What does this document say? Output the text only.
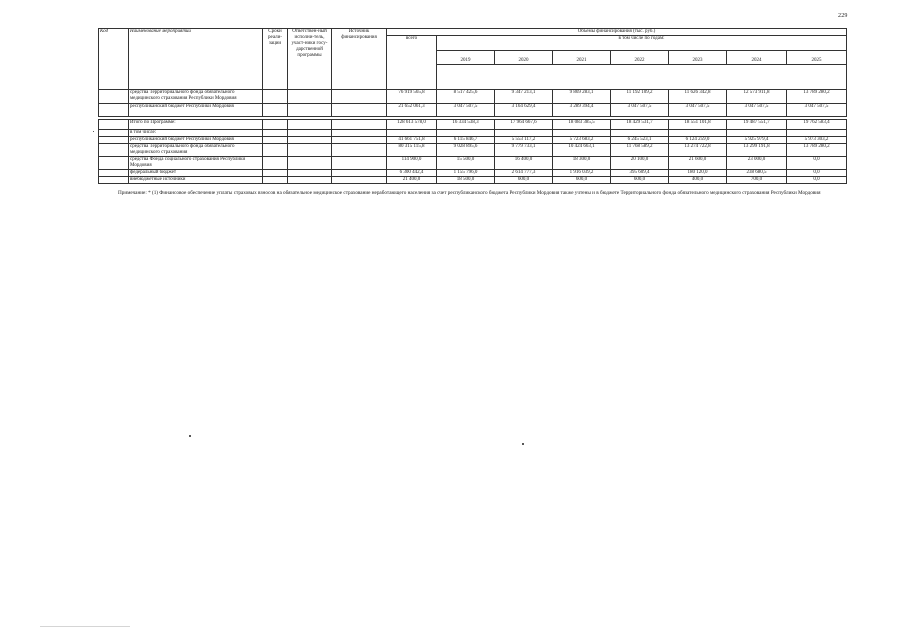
229
Код	Наименование мероприятий	Сроки реали-зации	Ответствен-ный исполни-тель, участ-ники госу-дарственной программы	Источник финансирования	Объемы финансирования (тыс. руб.)							
					всего	в том числе по годам:						
						2019	2020	2021	2022	2023	2024	2025

	средства Территориального фонда обязательного медицинского страхования Республики Мордовия				76 919 565,8	8 517 425,6	9 347 213,1	9 869 283,1	11 192 109,2	11 626 342,8	12 573 911,8	13 789 280,2
	республиканский бюджет Республики Мордовия				21 652 061,3	3 047 507,5	3 164 629,4	3 289 394,4	3 047 507,5	3 047 507,5	3 047 507,5	3 047 507,5

	Итого по Программе:				128 613 578,0	16 334 538,3	17 964 667,6	18 083 385,5	18 429 531,7	18 551 101,8	19 487 551,7	19 762 583,4
	в том числе:											
	республиканский бюджет Республики Мордовия				41 661 751,8	6 115 846,7	5 553 117,2	5 723 683,2	6 245 523,1	6 124 259,0	5 925 979,4	5 973 303,2
	средства Территориального фонда обязательного медицинского страхования				80 315 115,8	9 028 895,6	9 779 733,1	10 424 663,1	11 768 589,2	13 274 722,8	13 299 191,8	13 789 280,2
	средства Фонда социального страхования Республики Мордовия				114 900,0	15 500,0	16 400,0	18 300,0	20 100,0	21 600,0	23 000,0	0,0
	федеральный бюджет				6 300 442,4	1 155 796,0	2 614 777,3	1 916 039,2	395 609,4	180 120,0	238 680,5	0,0
	внебюджетные источники				21 400,0	18 500,0	600,0	600,0	600,0	400,0	700,0	0,0
Примечание: * (1) Финансовое обеспечение уплаты страховых взносов на обязательное медицинское страхование неработающего населения за счет республиканского бюджета Республики Мордовия также учтены и в бюджете Территориального фонда обязательного медицинского страхования Республики Мордовия
